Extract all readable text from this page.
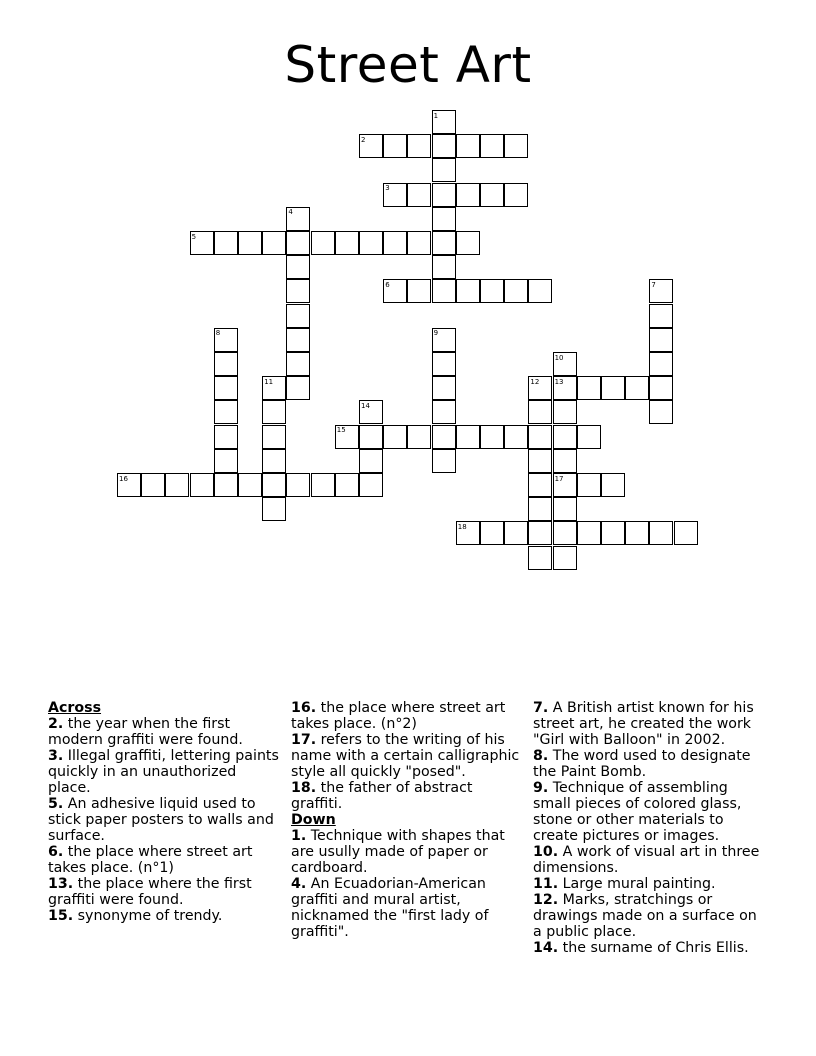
Street Art
1
2
3
4
5
6	7
8	9
10
11	12 13
14
15
16	17
18
Across
2. the year when the first modern graffiti were found.
3. Illegal graffiti, lettering paints quickly in an unauthorized place.
5. An adhesive liquid used to stick paper posters to walls and surface.
6. the place where street art takes place. (n°1)
13. the place where the first graffiti were found.
15. synonyme of trendy.
16. the place where street art takes place. (n°2)
17. refers to the writing of his name with a certain calligraphic style all quickly "posed".
18. the father of abstract graffiti.
Down
1. Technique with shapes that are usully made of paper or cardboard.
4. An Ecuadorian-American graffiti and mural artist, nicknamed the "first lady of graffiti".
7. A British artist known for his street art, he created the work "Girl with Balloon" in 2002.
8. The word used to designate the Paint Bomb.
9. Technique of assembling small pieces of colored glass, stone or other materials to create pictures or images.
10. A work of visual art in three dimensions.
11. Large mural painting.
12. Marks, stratchings or drawings made on a surface on a public place.
14. the surname of Chris Ellis.
